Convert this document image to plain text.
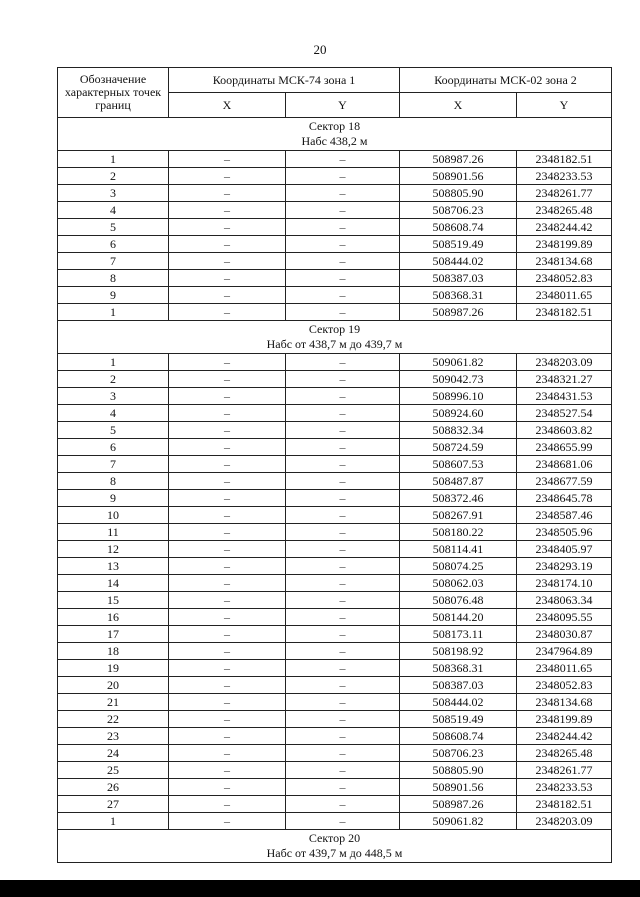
20
Обозначение характерных точек границ	Координаты МСК-74 зона 1		Координаты МСК-02 зона 2	
	X	Y	X	Y

Сектор 18
Набс 438,2 м				

1	–	–	508987.26	2348182.51
2	–	–	508901.56	2348233.53
3	–	–	508805.90	2348261.77
4	–	–	508706.23	2348265.48
5	–	–	508608.74	2348244.42
6	–	–	508519.49	2348199.89
7	–	–	508444.02	2348134.68
8	–	–	508387.03	2348052.83
9	–	–	508368.31	2348011.65
1	–	–	508987.26	2348182.51

Сектор 19
Набс от 438,7 м до 439,7 м				

1	–	–	509061.82	2348203.09
2	–	–	509042.73	2348321.27
3	–	–	508996.10	2348431.53
4	–	–	508924.60	2348527.54
5	–	–	508832.34	2348603.82
6	–	–	508724.59	2348655.99
7	–	–	508607.53	2348681.06
8	–	–	508487.87	2348677.59
9	–	–	508372.46	2348645.78
10	–	–	508267.91	2348587.46
11	–	–	508180.22	2348505.96
12	–	–	508114.41	2348405.97
13	–	–	508074.25	2348293.19
14	–	–	508062.03	2348174.10
15	–	–	508076.48	2348063.34
16	–	–	508144.20	2348095.55
17	–	–	508173.11	2348030.87
18	–	–	508198.92	2347964.89
19	–	–	508368.31	2348011.65
20	–	–	508387.03	2348052.83
21	–	–	508444.02	2348134.68
22	–	–	508519.49	2348199.89
23	–	–	508608.74	2348244.42
24	–	–	508706.23	2348265.48
25	–	–	508805.90	2348261.77
26	–	–	508901.56	2348233.53
27	–	–	508987.26	2348182.51
1	–	–	509061.82	2348203.09

Сектор 20
Набс от 439,7 м до 448,5 м				
